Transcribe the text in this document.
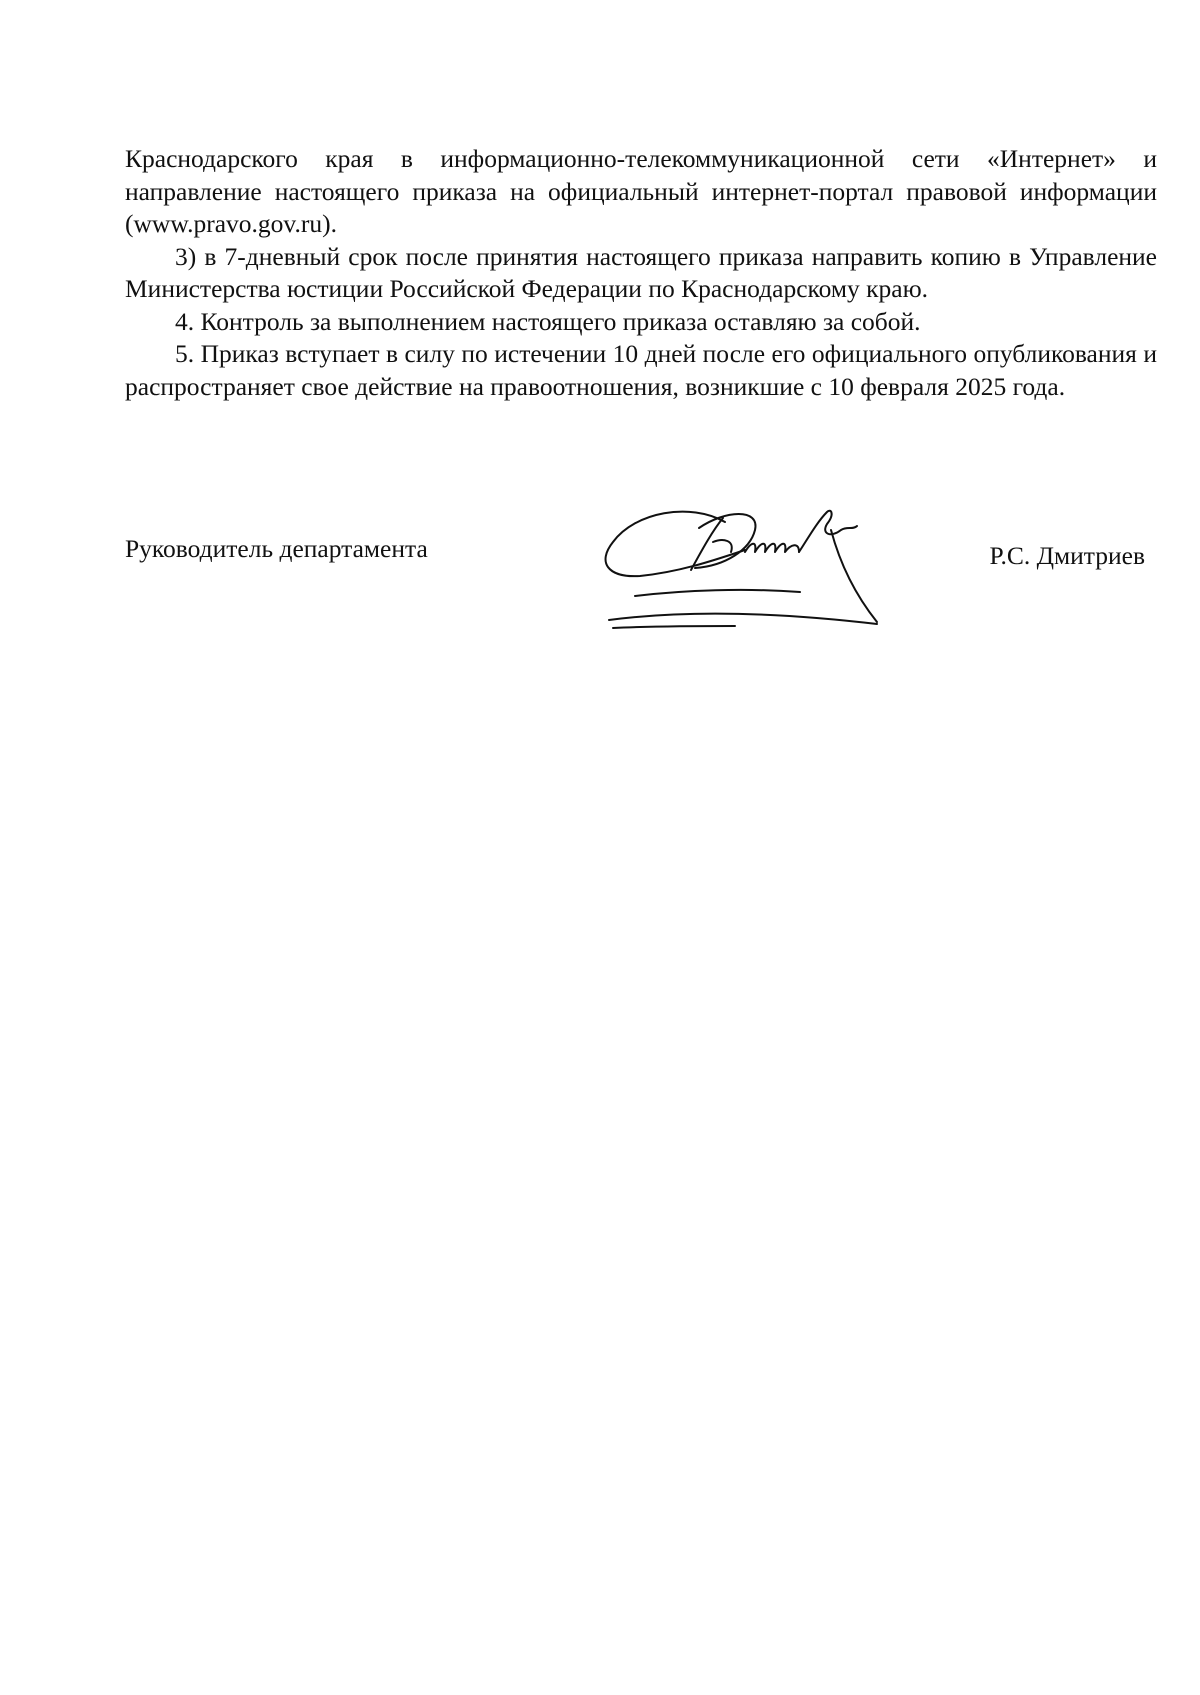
Краснодарского края в информационно-телекоммуникационной сети «Интернет» и направление настоящего приказа на официальный интернет-портал правовой информации (www.pravo.gov.ru).

3) в 7-дневный срок после принятия настоящего приказа направить копию в Управление Министерства юстиции Российской Федерации по Краснодарскому краю.

4. Контроль за выполнением настоящего приказа оставляю за собой.

5. Приказ вступает в силу по истечении 10 дней после его официального опубликования и распространяет свое действие на правоотношения, возникшие с 10 февраля 2025 года.

Руководитель департамента	Р.С. Дмитриев
